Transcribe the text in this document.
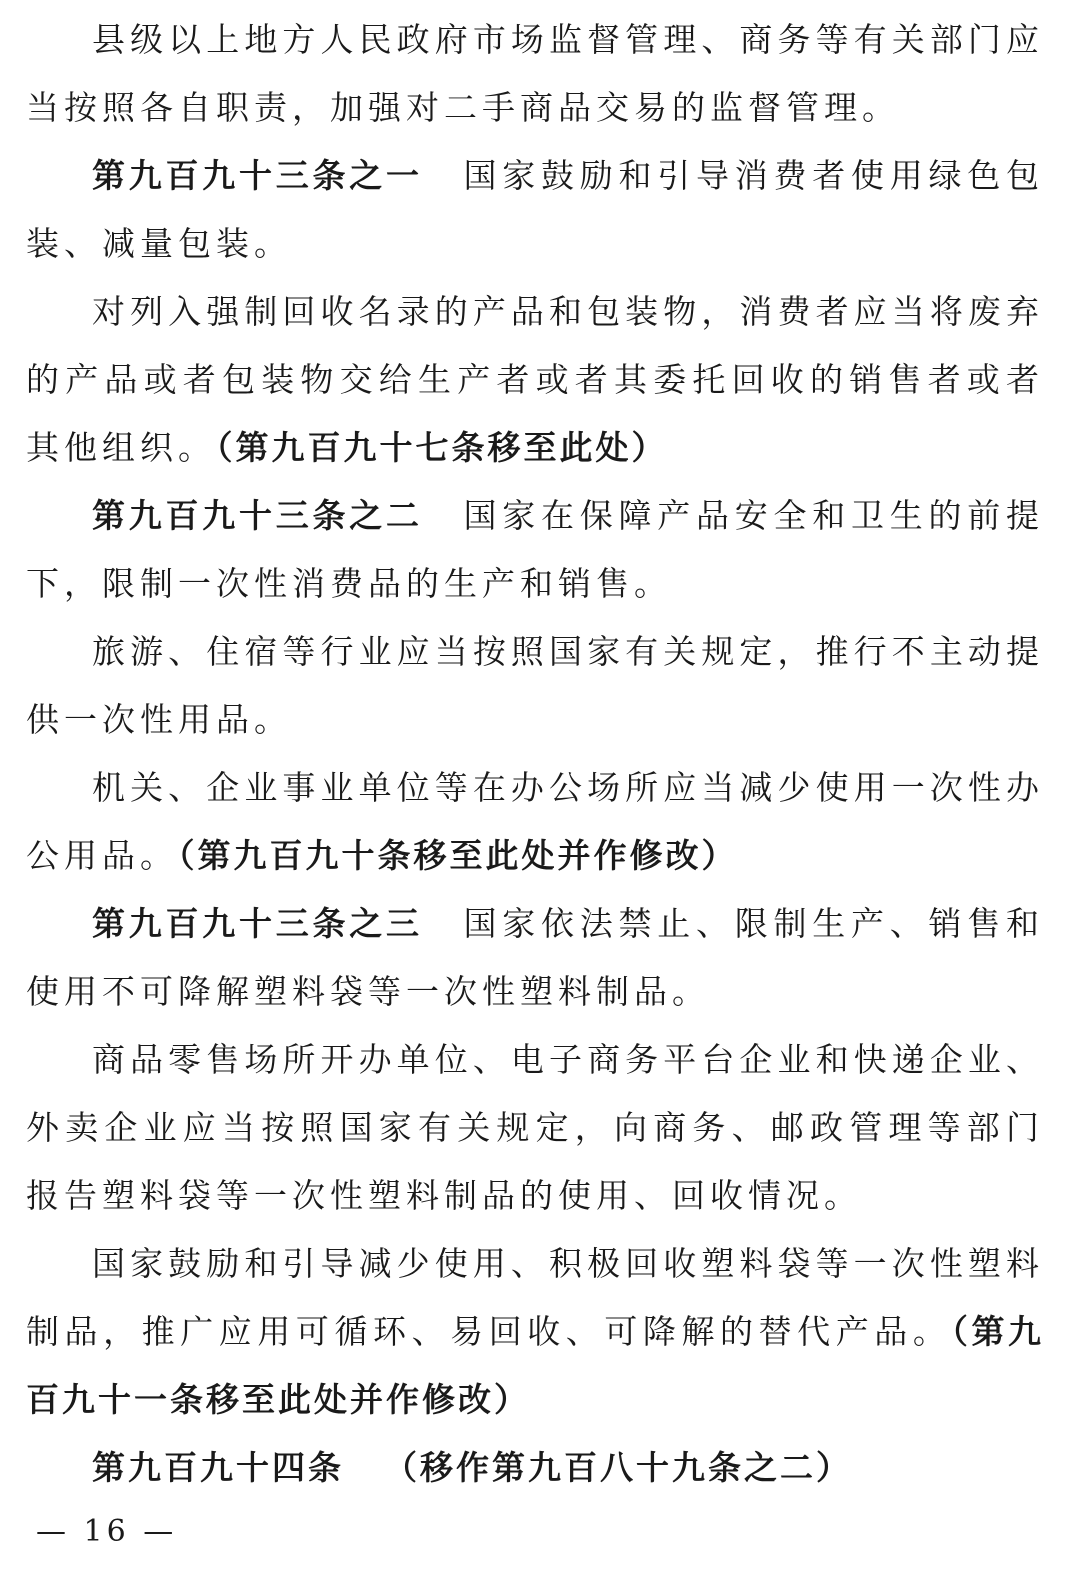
县级以上地方人民政府市场监督管理、商务等有关部门应当按照各自职责，加强对二手商品交易的监督管理。

第九百九十三条之一 国家鼓励和引导消费者使用绿色包装、减量包装。

对列入强制回收名录的产品和包装物，消费者应当将废弃的产品或者包装物交给生产者或者其委托回收的销售者或者其他组织。（第九百九十七条移至此处）

第九百九十三条之二 国家在保障产品安全和卫生的前提下，限制一次性消费品的生产和销售。

旅游、住宿等行业应当按照国家有关规定，推行不主动提供一次性用品。

机关、企业事业单位等在办公场所应当减少使用一次性办公用品。（第九百九十条移至此处并作修改）

第九百九十三条之三 国家依法禁止、限制生产、销售和使用不可降解塑料袋等一次性塑料制品。

商品零售场所开办单位、电子商务平台企业和快递企业、外卖企业应当按照国家有关规定，向商务、邮政管理等部门报告塑料袋等一次性塑料制品的使用、回收情况。

国家鼓励和引导减少使用、积极回收塑料袋等一次性塑料制品，推广应用可循环、易回收、可降解的替代产品。（第九百九十一条移至此处并作修改）

第九百九十四条 （移作第九百八十九条之二）

— 16 —
